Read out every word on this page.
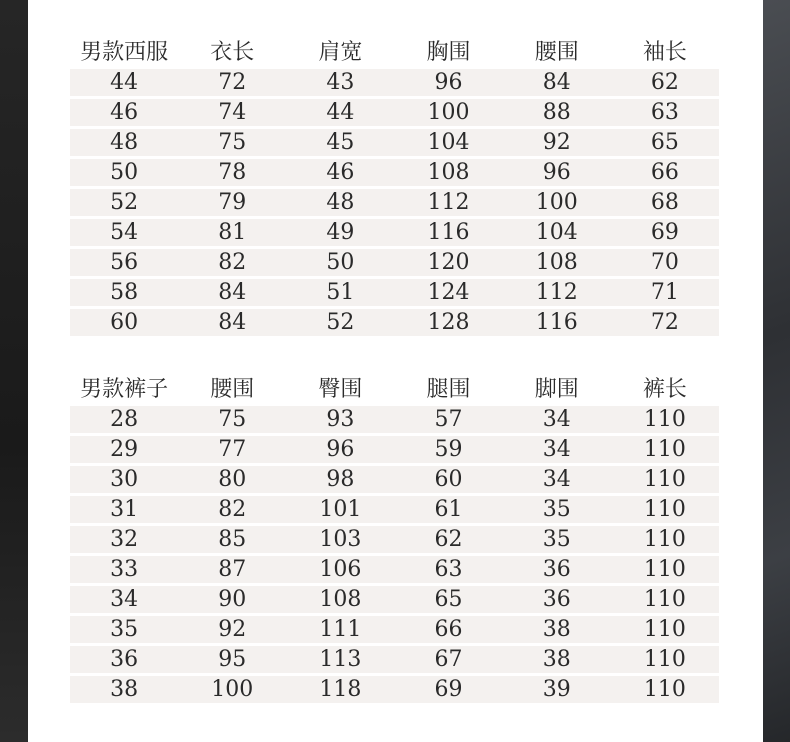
男款西服	衣长	肩宽	胸围	腰围	袖长
44	72	43	96	84	62
46	74	44	100	88	63
48	75	45	104	92	65
50	78	46	108	96	66
52	79	48	112	100	68
54	81	49	116	104	69
56	82	50	120	108	70
58	84	51	124	112	71
60	84	52	128	116	72
男款裤子	腰围	臀围	腿围	脚围	裤长
28	75	93	57	34	110
29	77	96	59	34	110
30	80	98	60	34	110
31	82	101	61	35	110
32	85	103	62	35	110
33	87	106	63	36	110
34	90	108	65	36	110
35	92	111	66	38	110
36	95	113	67	38	110
38	100	118	69	39	110
